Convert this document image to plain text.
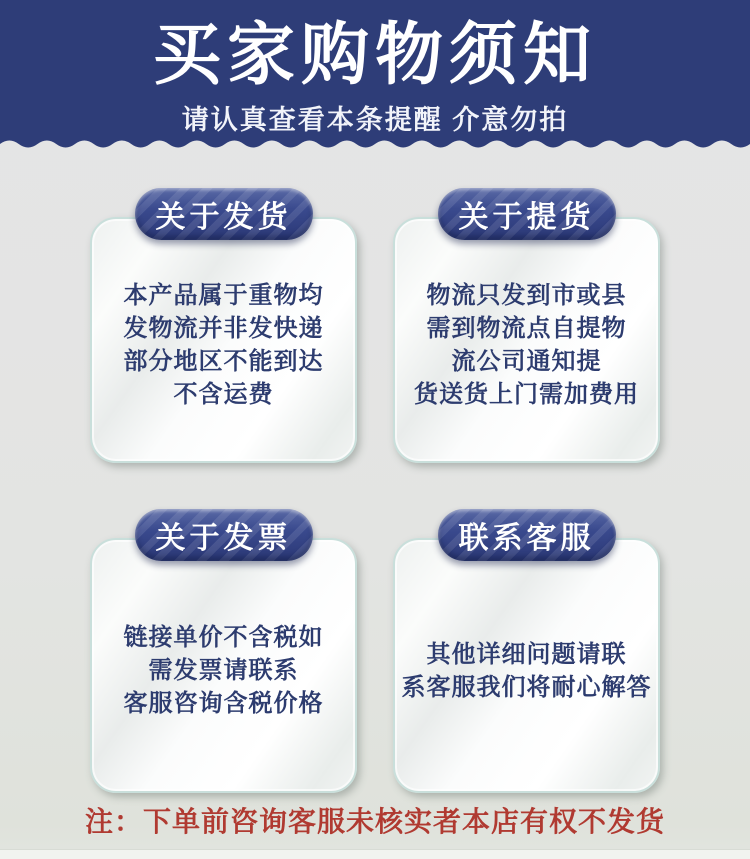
买家购物须知
请认真查看本条提醒 介意勿拍
关于发货
本产品属于重物均
发物流并非发快递
部分地区不能到达
不含运费
关于提货
物流只发到市或县
需到物流点自提物
流公司通知提
货送货上门需加费用
关于发票
链接单价不含税如
需发票请联系
客服咨询含税价格
联系客服
其他详细问题请联
系客服我们将耐心解答
注：下单前咨询客服未核实者本店有权不发货
